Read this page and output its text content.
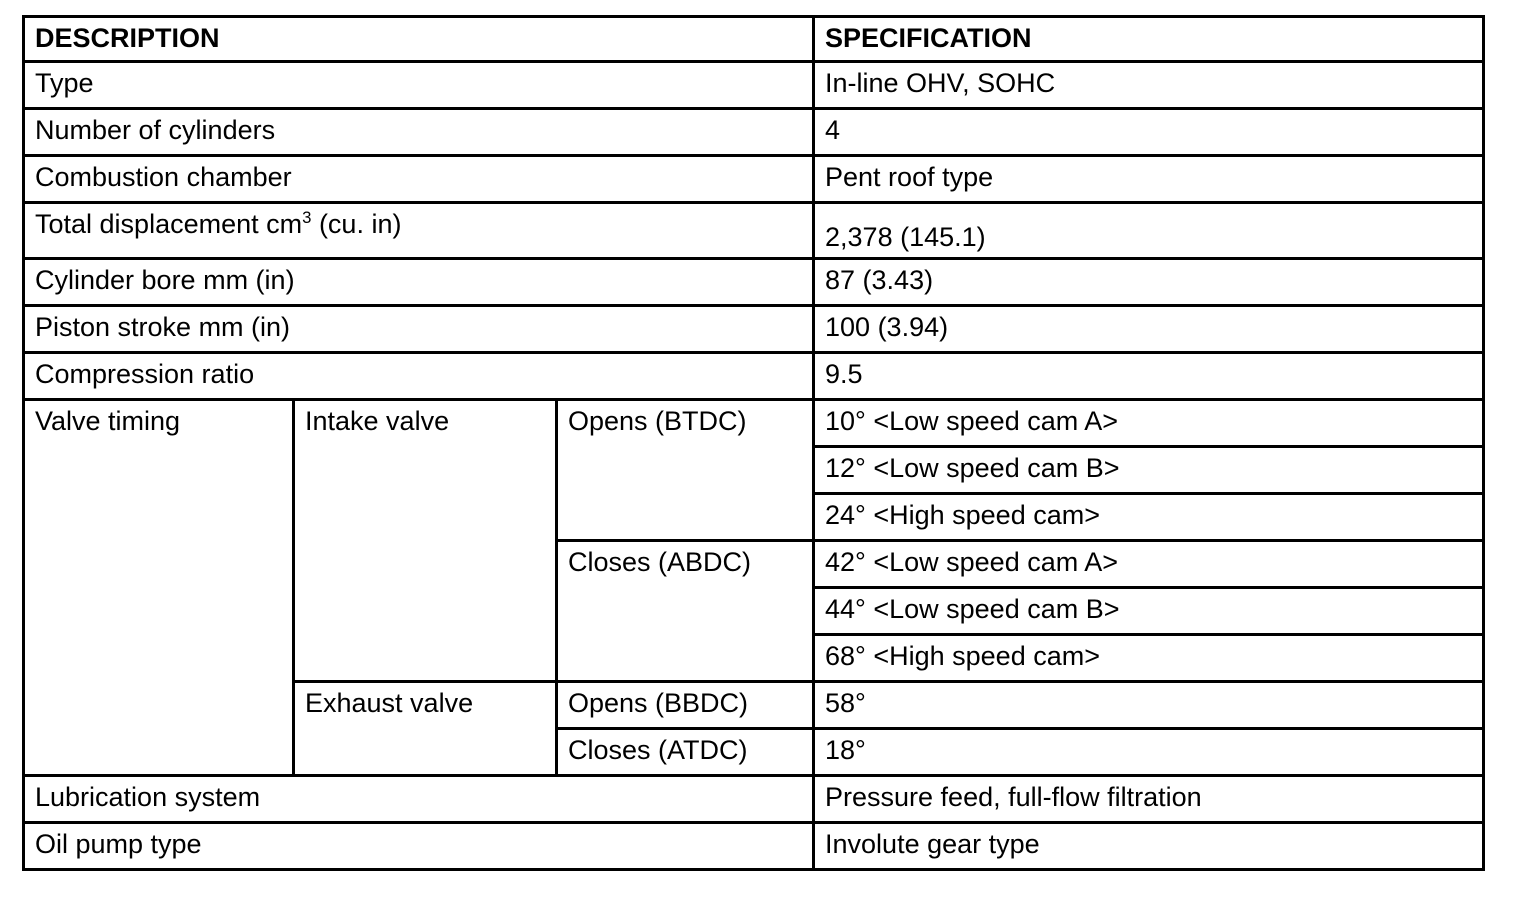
DESCRIPTION			SPECIFICATION
Type			In-line OHV, SOHC
Number of cylinders			4
Combustion chamber			Pent roof type
Total displacement $cm^3$ (cu. in)			2,378 (145.1)
Cylinder bore mm (in)			87 (3.43)
Piston stroke mm (in)			100 (3.94)
Compression ratio			9.5
Valve timing	Intake valve	Opens (BTDC)	10° <Low speed cam A>
			12° <Low speed cam B>
			24° <High speed cam>
		Closes (ABDC)	42° <Low speed cam A>
			44° <Low speed cam B>
			68° <High speed cam>
	Exhaust valve	Opens (BBDC)	58°
		Closes (ATDC)	18°
Lubrication system			Pressure feed, full-flow filtration
Oil pump type			Involute gear type
